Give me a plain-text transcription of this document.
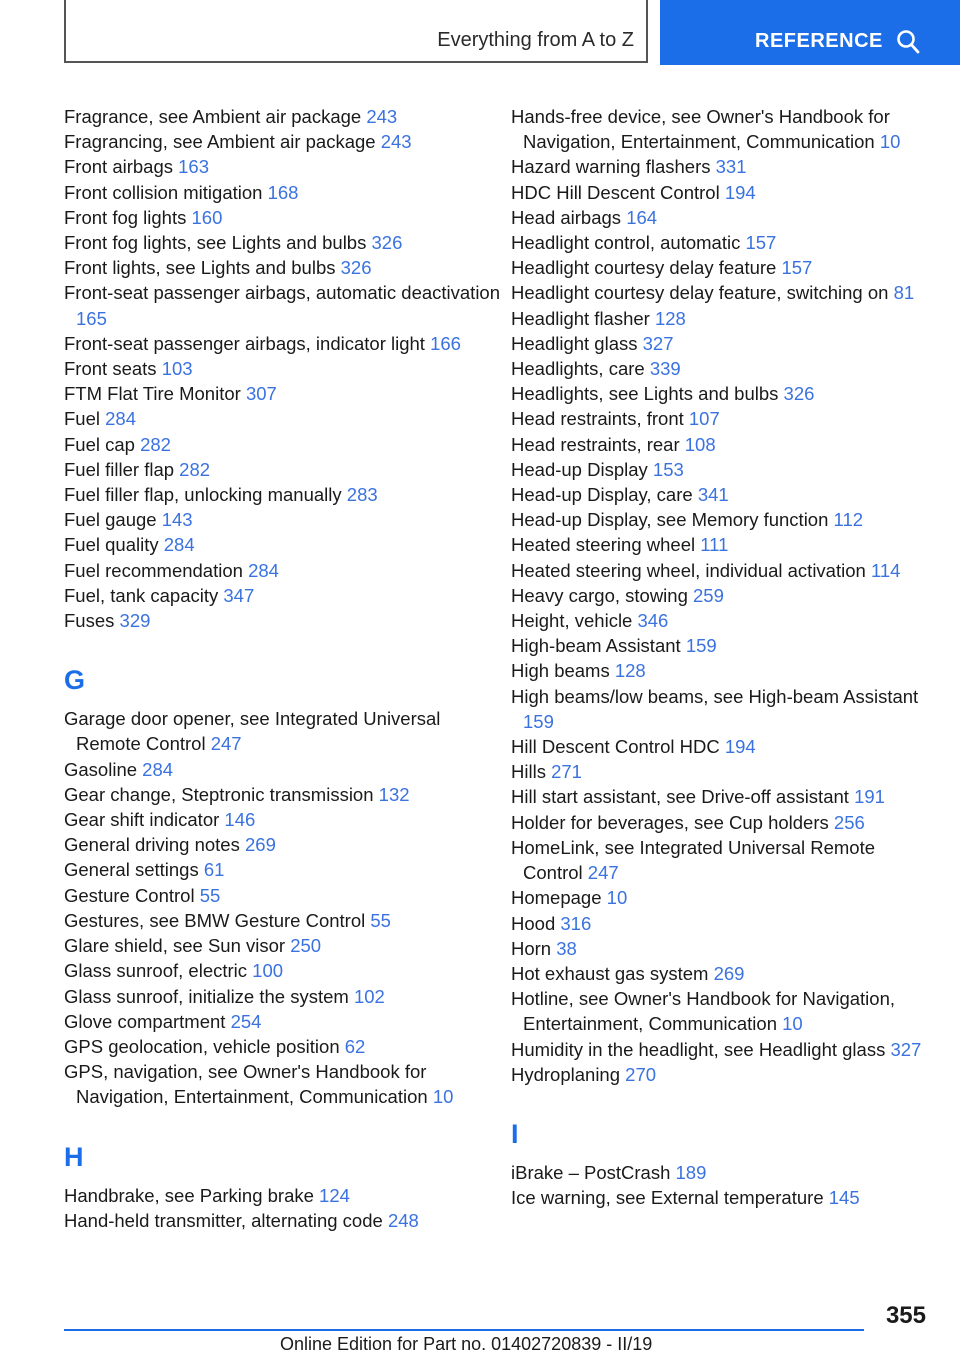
Everything from A to Z	REFERENCE
Fragrance, see Ambient air package 243
Fragrancing, see Ambient air package 243
Front airbags 163
Front collision mitigation 168
Front fog lights 160
Front fog lights, see Lights and bulbs 326
Front lights, see Lights and bulbs 326
Front-seat passenger airbags, automatic deactivation 165
Front-seat passenger airbags, indicator light 166
Front seats 103
FTM Flat Tire Monitor 307
Fuel 284
Fuel cap 282
Fuel filler flap 282
Fuel filler flap, unlocking manually 283
Fuel gauge 143
Fuel quality 284
Fuel recommendation 284
Fuel, tank capacity 347
Fuses 329
G
Garage door opener, see Integrated Universal Remote Control 247
Gasoline 284
Gear change, Steptronic transmission 132
Gear shift indicator 146
General driving notes 269
General settings 61
Gesture Control 55
Gestures, see BMW Gesture Control 55
Glare shield, see Sun visor 250
Glass sunroof, electric 100
Glass sunroof, initialize the system 102
Glove compartment 254
GPS geolocation, vehicle position 62
GPS, navigation, see Owner's Handbook for Navigation, Entertainment, Communication 10
H
Handbrake, see Parking brake 124
Hand-held transmitter, alternating code 248
Hands-free device, see Owner's Handbook for Navigation, Entertainment, Communication 10
Hazard warning flashers 331
HDC Hill Descent Control 194
Head airbags 164
Headlight control, automatic 157
Headlight courtesy delay feature 157
Headlight courtesy delay feature, switching on 81
Headlight flasher 128
Headlight glass 327
Headlights, care 339
Headlights, see Lights and bulbs 326
Head restraints, front 107
Head restraints, rear 108
Head-up Display 153
Head-up Display, care 341
Head-up Display, see Memory function 112
Heated steering wheel 111
Heated steering wheel, individual activation 114
Heavy cargo, stowing 259
Height, vehicle 346
High-beam Assistant 159
High beams 128
High beams/low beams, see High-beam Assistant 159
Hill Descent Control HDC 194
Hills 271
Hill start assistant, see Drive-off assistant 191
Holder for beverages, see Cup holders 256
HomeLink, see Integrated Universal Remote Control 247
Homepage 10
Hood 316
Horn 38
Hot exhaust gas system 269
Hotline, see Owner's Handbook for Navigation, Entertainment, Communication 10
Humidity in the headlight, see Headlight glass 327
Hydroplaning 270
I
iBrake – PostCrash 189
Ice warning, see External temperature 145
355
Online Edition for Part no. 01402720839 - II/19
